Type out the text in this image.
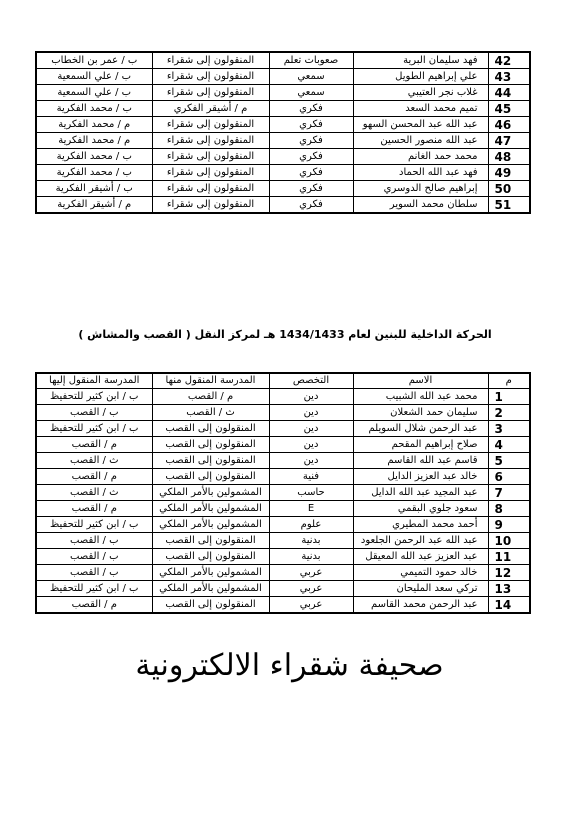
42	فهد سليمان البرية	صعوبات تعلم	المنقولون إلى شقراء	ب / عمر بن الخطاب
43	علي إبراهيم الطويل	سمعي	المنقولون إلى شقراء	ب / علي السمعية
44	غلاب نجر العتيبي	سمعي	المنقولون إلى شقراء	ب / علي السمعية
45	تميم محمد السعد	فكري	م / أشيقر الفكري	ب / محمد الفكرية
46	عبد الله عبد المحسن السهو	فكري	المنقولون إلى شقراء	م / محمد الفكرية
47	عبد الله منصور الحسين	فكري	المنقولون إلى شقراء	م / محمد الفكرية
48	محمد حمد الغانم	فكري	المنقولون إلى شقراء	ب / محمد الفكرية
49	فهد عبد الله الحماد	فكري	المنقولون إلى شقراء	ب / محمد الفكرية
50	إبراهيم صالح الدوسري	فكري	المنقولون إلى شقراء	ب / أشيقر الفكرية
51	سلطان محمد السوير	فكري	المنقولون إلى شقراء	م / أشيقر الفكرية
الحركة الداخلية للبنين لعام 1434/1433 هـ لمركز النقل ( القصب والمشاش )
م	الاسم	التخصص	المدرسة المنقول منها	المدرسة المنقول إليها
1	محمد عبد الله الشبيب	دين	م / القصب	ب / ابن كثير للتحفيظ
2	سليمان حمد الشعلان	دين	ث / القصب	ب / القصب
3	عبد الرحمن شلال السويلم	دين	المنقولون إلى القصب	ب / ابن كثير للتحفيظ
4	صلاح إبراهيم المقحم	دين	المنقولون إلى القصب	م / القصب
5	قاسم عبد الله القاسم	دين	المنقولون إلى القصب	ث / القصب
6	خالد عبد العزيز الدايل	فنية	المنقولون إلى القصب	م / القصب
7	عبد المجيد عبد الله الدايل	حاسب	المشمولين بالأمر الملكي	ث / القصب
8	سعود جلوي البقمي	E	المشمولين بالأمر الملكي	م / القصب
9	أحمد محمد المطيري	علوم	المشمولين بالأمر الملكي	ب / ابن كثير للتحفيظ
10	عبد الله عبد الرحمن الجلعود	بدنية	المنقولون إلى القصب	ب / القصب
11	عبد العزيز عبد الله المعيقل	بدنية	المنقولون إلى القصب	ب / القصب
12	خالد حمود التميمي	عربي	المشمولين بالأمر الملكي	ب / القصب
13	تركي سعد المليحان	عربي	المشمولين بالأمر الملكي	ب / ابن كثير للتحفيظ
14	عبد الرحمن محمد القاسم	عربي	المنقولون إلى القصب	م / القصب
صحيفة شقراء الالكترونية
